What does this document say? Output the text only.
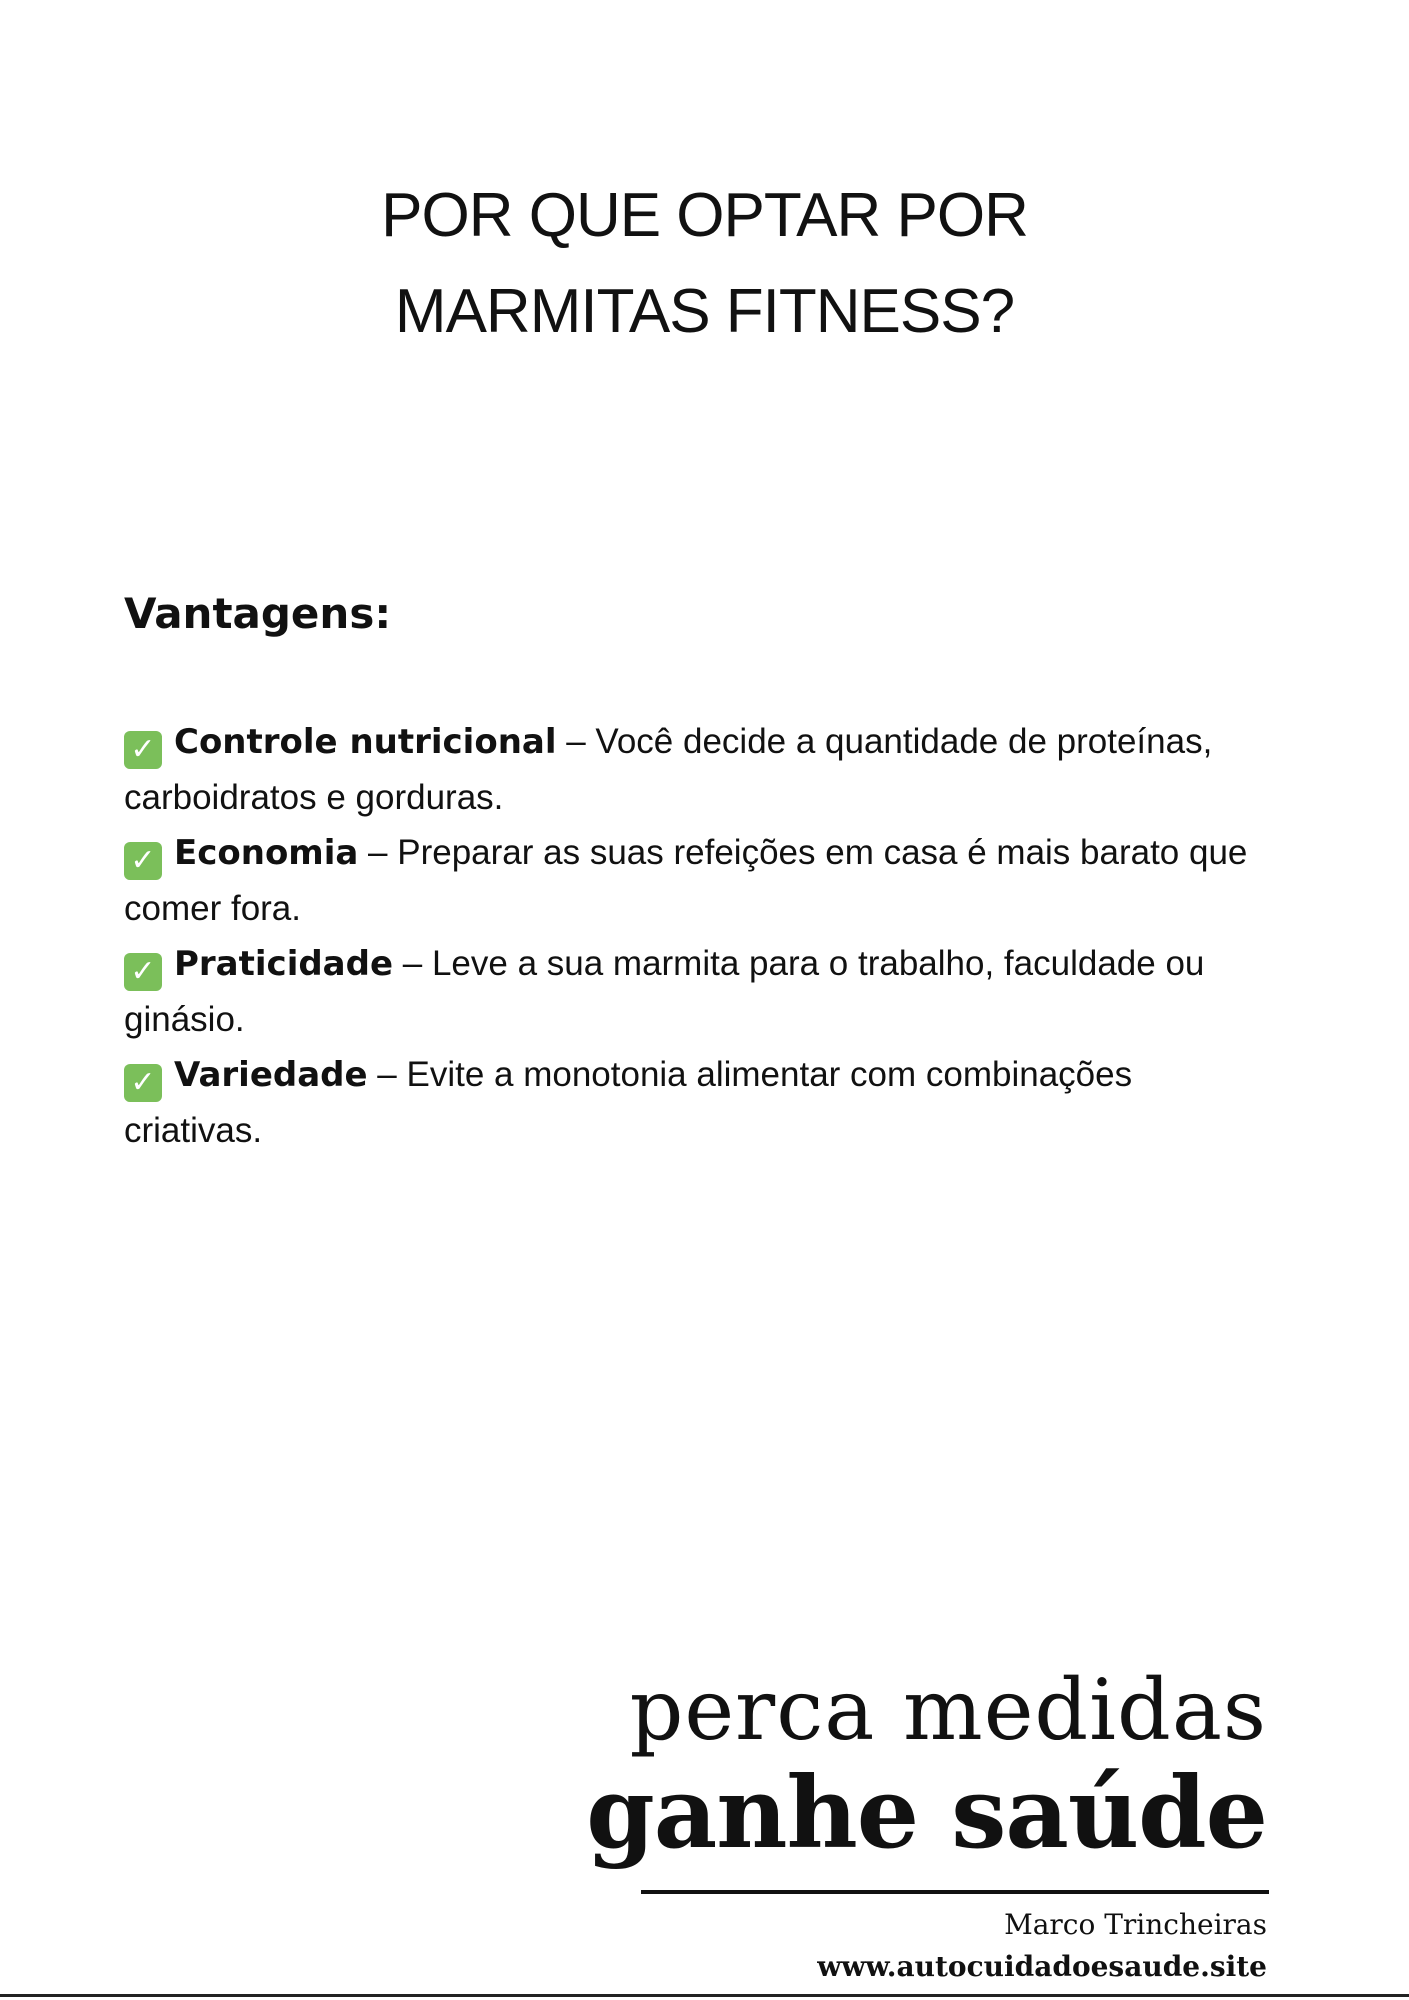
POR QUE OPTAR POR
MARMITAS FITNESS?
Vantagens:
✓ Controle nutricional – Você decide a quantidade de proteínas, carboidratos e gorduras.
✓ Economia – Preparar as suas refeições em casa é mais barato que comer fora.
✓ Praticidade – Leve a sua marmita para o trabalho, faculdade ou ginásio.
✓ Variedade – Evite a monotonia alimentar com combinações criativas.
perca medidas
ganhe saúde
Marco Trincheiras
www.autocuidadoesaude.site
